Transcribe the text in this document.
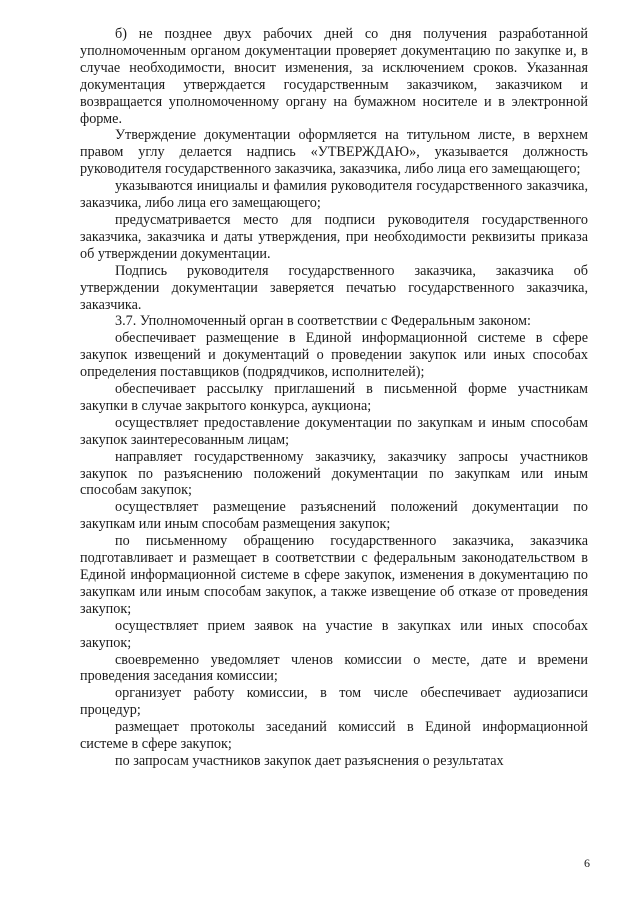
б) не позднее двух рабочих дней со дня получения разработанной уполномоченным органом документации проверяет документацию по закупке и, в случае необходимости, вносит изменения, за исключением сроков. Указанная документация утверждается государственным заказчиком, заказчиком и возвращается уполномоченному органу на бумажном носителе и в электронной форме.

Утверждение документации оформляется на титульном листе, в верхнем правом углу делается надпись «УТВЕРЖДАЮ», указывается должность руководителя государственного заказчика, заказчика, либо лица его замещающего;

указываются инициалы и фамилия руководителя государственного заказчика, заказчика, либо лица его замещающего;

предусматривается место для подписи руководителя государственного заказчика, заказчика и даты утверждения, при необходимости реквизиты приказа об утверждении документации.

Подпись руководителя государственного заказчика, заказчика об утверждении документации заверяется печатью государственного заказчика, заказчика.

3.7. Уполномоченный орган в соответствии с Федеральным законом:

обеспечивает размещение в Единой информационной системе в сфере закупок извещений и документаций о проведении закупок или иных способах определения поставщиков (подрядчиков, исполнителей);

обеспечивает рассылку приглашений в письменной форме участникам закупки в случае закрытого конкурса, аукциона;

осуществляет предоставление документации по закупкам и иным способам закупок заинтересованным лицам;

направляет государственному заказчику, заказчику запросы участников закупок по разъяснению положений документации по закупкам или иным способам закупок;

осуществляет размещение разъяснений положений документации по закупкам или иным способам размещения закупок;

по письменному обращению государственного заказчика, заказчика подготавливает и размещает в соответствии с федеральным законодательством в Единой информационной системе в сфере закупок, изменения в документацию по закупкам или иным способам закупок, а также извещение об отказе от проведения закупок;

осуществляет прием заявок на участие в закупках или иных способах закупок;

своевременно уведомляет членов комиссии о месте, дате и времени проведения заседания комиссии;

организует работу комиссии, в том числе обеспечивает аудиозаписи процедур;

размещает протоколы заседаний комиссий в Единой информационной системе в сфере закупок;

по запросам участников закупок дает разъяснения о результатах

6
